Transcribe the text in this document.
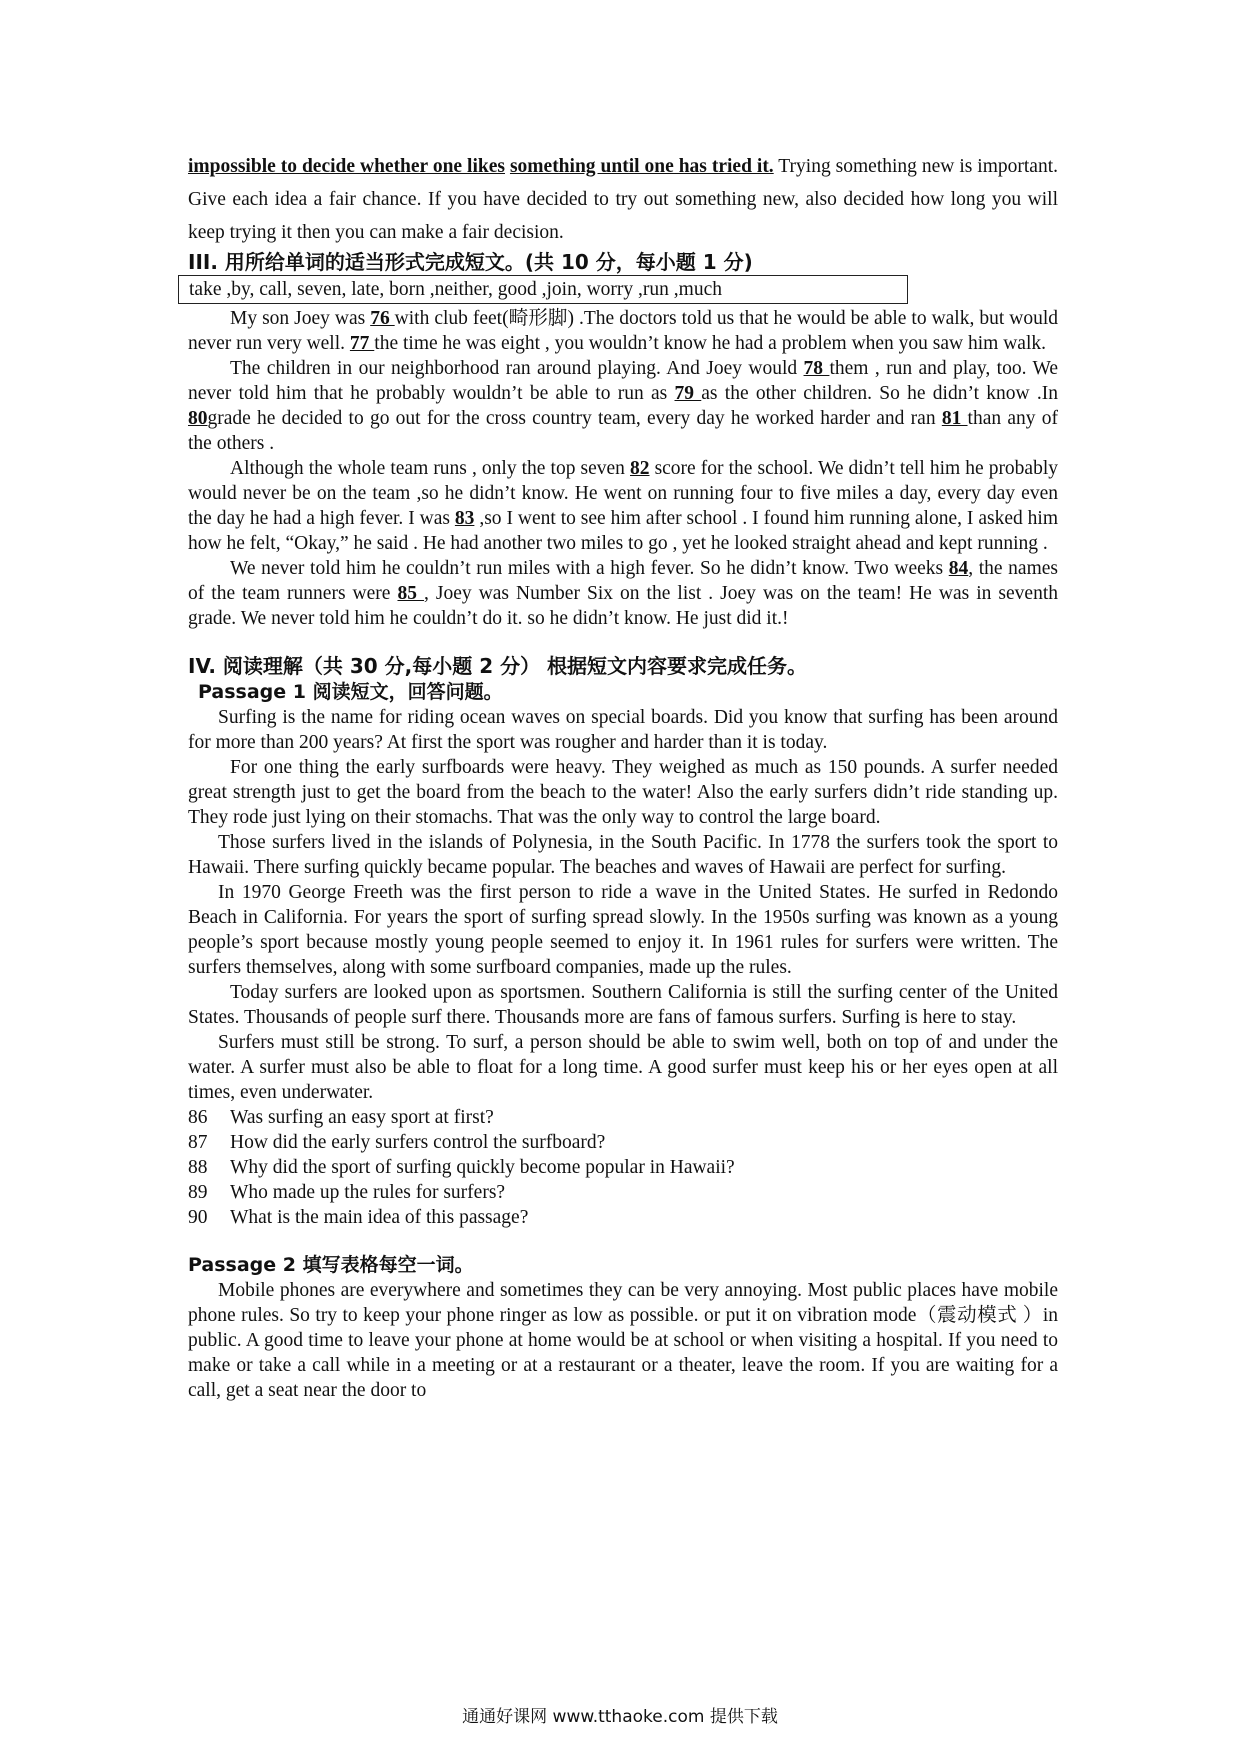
impossible to decide whether one likes something until one has tried it. Trying something new is important. Give each idea a fair chance. If you have decided to try out something new, also decided how long you will keep trying it then you can make a fair decision.

III. 用所给单词的适当形式完成短文。(共 10 分，每小题 1 分)
take ,by, call, seven, late, born ,neither, good ,join, worry ,run ,much

My son Joey was 76 with club feet(畸形脚) .The doctors told us that he would be able to walk, but would never run very well. 77 the time he was eight , you wouldn’t know he had a problem when you saw him walk.

The children in our neighborhood ran around playing. And Joey would 78 them , run and play, too. We never told him that he probably wouldn’t be able to run as 79 as the other children. So he didn’t know .In 80grade he decided to go out for the cross country team, every day he worked harder and ran 81 than any of the others .

Although the whole team runs , only the top seven 82 score for the school. We didn’t tell him he probably would never be on the team ,so he didn’t know. He went on running four to five miles a day, every day even the day he had a high fever. I was 83 ,so I went to see him after school . I found him running alone, I asked him how he felt, “Okay,” he said . He had another two miles to go , yet he looked straight ahead and kept running .

We never told him he couldn’t run miles with a high fever. So he didn’t know. Two weeks 84, the names of the team runners were 85 , Joey was Number Six on the list . Joey was on the team! He was in seventh grade. We never told him he couldn’t do it. so he didn’t know. He just did it.!

IV. 阅读理解（共 30 分,每小题 2 分） 根据短文内容要求完成任务。
Passage 1 阅读短文，回答问题。

Surfing is the name for riding ocean waves on special boards. Did you know that surfing has been around for more than 200 years? At first the sport was rougher and harder than it is today.

For one thing the early surfboards were heavy. They weighed as much as 150 pounds. A surfer needed great strength just to get the board from the beach to the water! Also the early surfers didn’t ride standing up. They rode just lying on their stomachs. That was the only way to control the large board.

Those surfers lived in the islands of Polynesia, in the South Pacific. In 1778 the surfers took the sport to Hawaii. There surfing quickly became popular. The beaches and waves of Hawaii are perfect for surfing.

In 1970 George Freeth was the first person to ride a wave in the United States. He surfed in Redondo Beach in California. For years the sport of surfing spread slowly. In the 1950s surfing was known as a young people’s sport because mostly young people seemed to enjoy it. In 1961 rules for surfers were written. The surfers themselves, along with some surfboard companies, made up the rules.

Today surfers are looked upon as sportsmen. Southern California is still the surfing center of the United States. Thousands of people surf there. Thousands more are fans of famous surfers. Surfing is here to stay.

Surfers must still be strong. To surf, a person should be able to swim well, both on top of and under the water. A surfer must also be able to float for a long time. A good surfer must keep his or her eyes open at all times, even underwater.

86	Was surfing an easy sport at first?
87	How did the early surfers control the surfboard?
88	Why did the sport of surfing quickly become popular in Hawaii?
89	Who made up the rules for surfers?
90	What is the main idea of this passage?
Passage 2 填写表格每空一词。

Mobile phones are everywhere and sometimes they can be very annoying. Most public places have mobile phone rules. So try to keep your phone ringer as low as possible. or put it on vibration mode（震动模式 ）in public. A good time to leave your phone at home would be at school or when visiting a hospital. If you need to make or take a call while in a meeting or at a restaurant or a theater, leave the room. If you are waiting for a call, get a seat near the door to

通通好课网 www.tthaoke.com 提供下载
